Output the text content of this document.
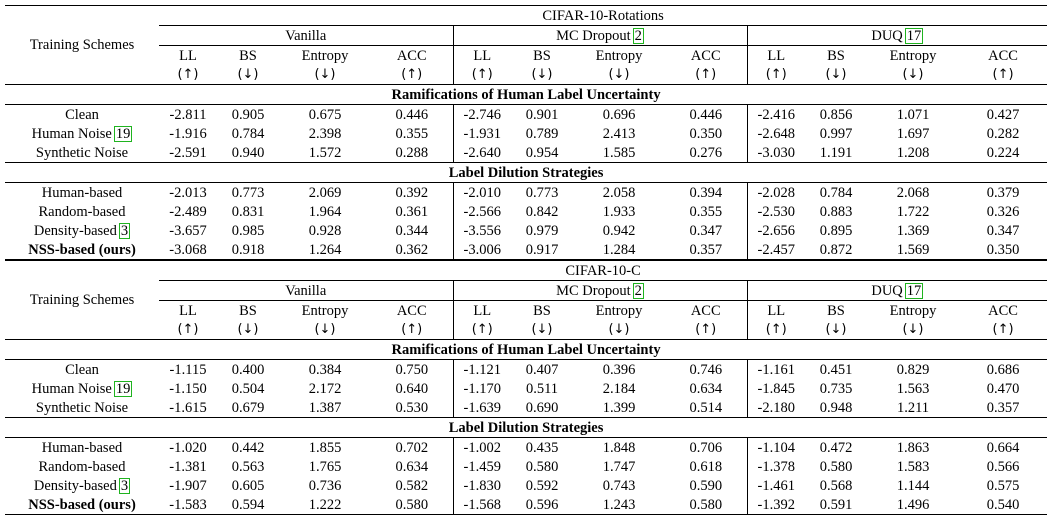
Training Schemes	CIFAR-10-Rotations											
	Vanilla				MC Dropout 2				DUQ 17			
	LL	BS	Entropy	ACC	LL	BS	Entropy	ACC	LL	BS	Entropy	ACC
	(↑)	(↓)	(↓)	(↑)	(↑)	(↓)	(↓)	(↑)	(↑)	(↓)	(↓)	(↑)
Ramifications of Human Label Uncertainty												
Clean	-2.811	0.905	0.675	0.446	-2.746	0.901	0.696	0.446	-2.416	0.856	1.071	0.427
Human Noise 19	-1.916	0.784	2.398	0.355	-1.931	0.789	2.413	0.350	-2.648	0.997	1.697	0.282
Synthetic Noise	-2.591	0.940	1.572	0.288	-2.640	0.954	1.585	0.276	-3.030	1.191	1.208	0.224
Label Dilution Strategies												
Human-based	-2.013	0.773	2.069	0.392	-2.010	0.773	2.058	0.394	-2.028	0.784	2.068	0.379
Random-based	-2.489	0.831	1.964	0.361	-2.566	0.842	1.933	0.355	-2.530	0.883	1.722	0.326
Density-based 3	-3.657	0.985	0.928	0.344	-3.556	0.979	0.942	0.347	-2.656	0.895	1.369	0.347
NSS-based (ours)	-3.068	0.918	1.264	0.362	-3.006	0.917	1.284	0.357	-2.457	0.872	1.569	0.350
Training Schemes	CIFAR-10-C											
	Vanilla				MC Dropout 2				DUQ 17			
	LL	BS	Entropy	ACC	LL	BS	Entropy	ACC	LL	BS	Entropy	ACC
	(↑)	(↓)	(↓)	(↑)	(↑)	(↓)	(↓)	(↑)	(↑)	(↓)	(↓)	(↑)
Ramifications of Human Label Uncertainty												
Clean	-1.115	0.400	0.384	0.750	-1.121	0.407	0.396	0.746	-1.161	0.451	0.829	0.686
Human Noise 19	-1.150	0.504	2.172	0.640	-1.170	0.511	2.184	0.634	-1.845	0.735	1.563	0.470
Synthetic Noise	-1.615	0.679	1.387	0.530	-1.639	0.690	1.399	0.514	-2.180	0.948	1.211	0.357
Label Dilution Strategies												
Human-based	-1.020	0.442	1.855	0.702	-1.002	0.435	1.848	0.706	-1.104	0.472	1.863	0.664
Random-based	-1.381	0.563	1.765	0.634	-1.459	0.580	1.747	0.618	-1.378	0.580	1.583	0.566
Density-based 3	-1.907	0.605	0.736	0.582	-1.830	0.592	0.743	0.590	-1.461	0.568	1.144	0.575
NSS-based (ours)	-1.583	0.594	1.222	0.580	-1.568	0.596	1.243	0.580	-1.392	0.591	1.496	0.540
